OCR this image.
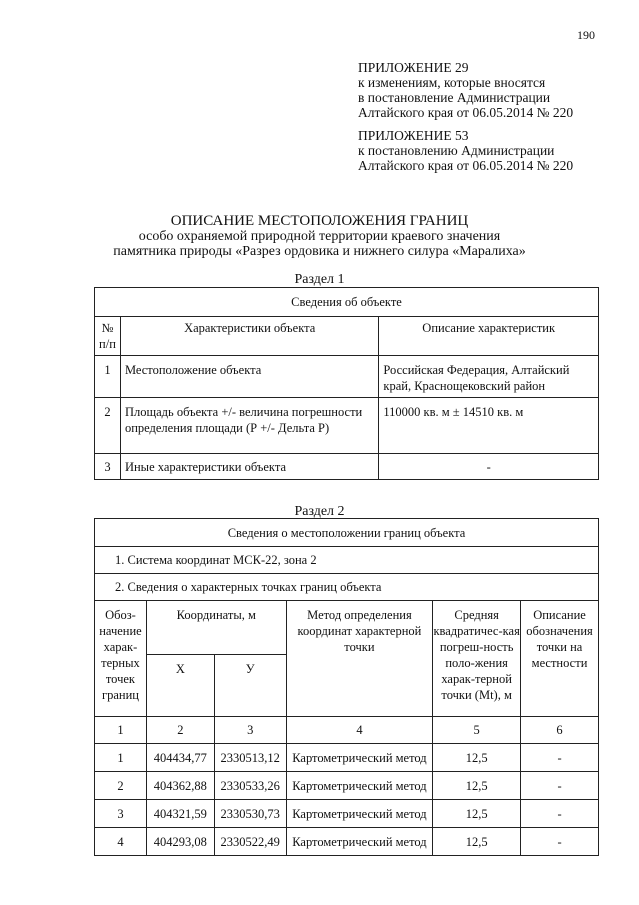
190
ПРИЛОЖЕНИЕ 29
к изменениям, которые вносятся
в постановление Администрации
Алтайского края от 06.05.2014 № 220
ПРИЛОЖЕНИЕ 53
к постановлению Администрации
Алтайского края от 06.05.2014 № 220
ОПИСАНИЕ МЕСТОПОЛОЖЕНИЯ ГРАНИЦ
особо охраняемой природной территории краевого значения
памятника природы «Разрез ордовика и нижнего силура «Маралиха»
Раздел 1
Сведения об объекте		
№ п/п	Характеристики объекта	Описание характеристик
1	Местоположение объекта	Российская Федерация, Алтайский край, Краснощековский район
2	Площадь объекта +/- величина погрешности определения площади (Р +/- Дельта Р)	110000 кв. м ± 14510 кв. м
3	Иные характеристики объекта	-
Раздел 2
Сведения о местоположении границ объекта					
1. Система координат МСК-22, зона 2					
2. Сведения о характерных точках границ объекта					
Обоз-начение харак-терных точек границ	Координаты, м		Метод определения координат характерной точки	Средняя квадратичес-кая погреш-ность поло-жения харак-терной точки (Mt), м	Описание обозначения точки на местности
	X	У			
1	2	3	4	5	6
1	404434,77	2330513,12	Картометрический метод	12,5	-
2	404362,88	2330533,26	Картометрический метод	12,5	-
3	404321,59	2330530,73	Картометрический метод	12,5	-
4	404293,08	2330522,49	Картометрический метод	12,5	-
